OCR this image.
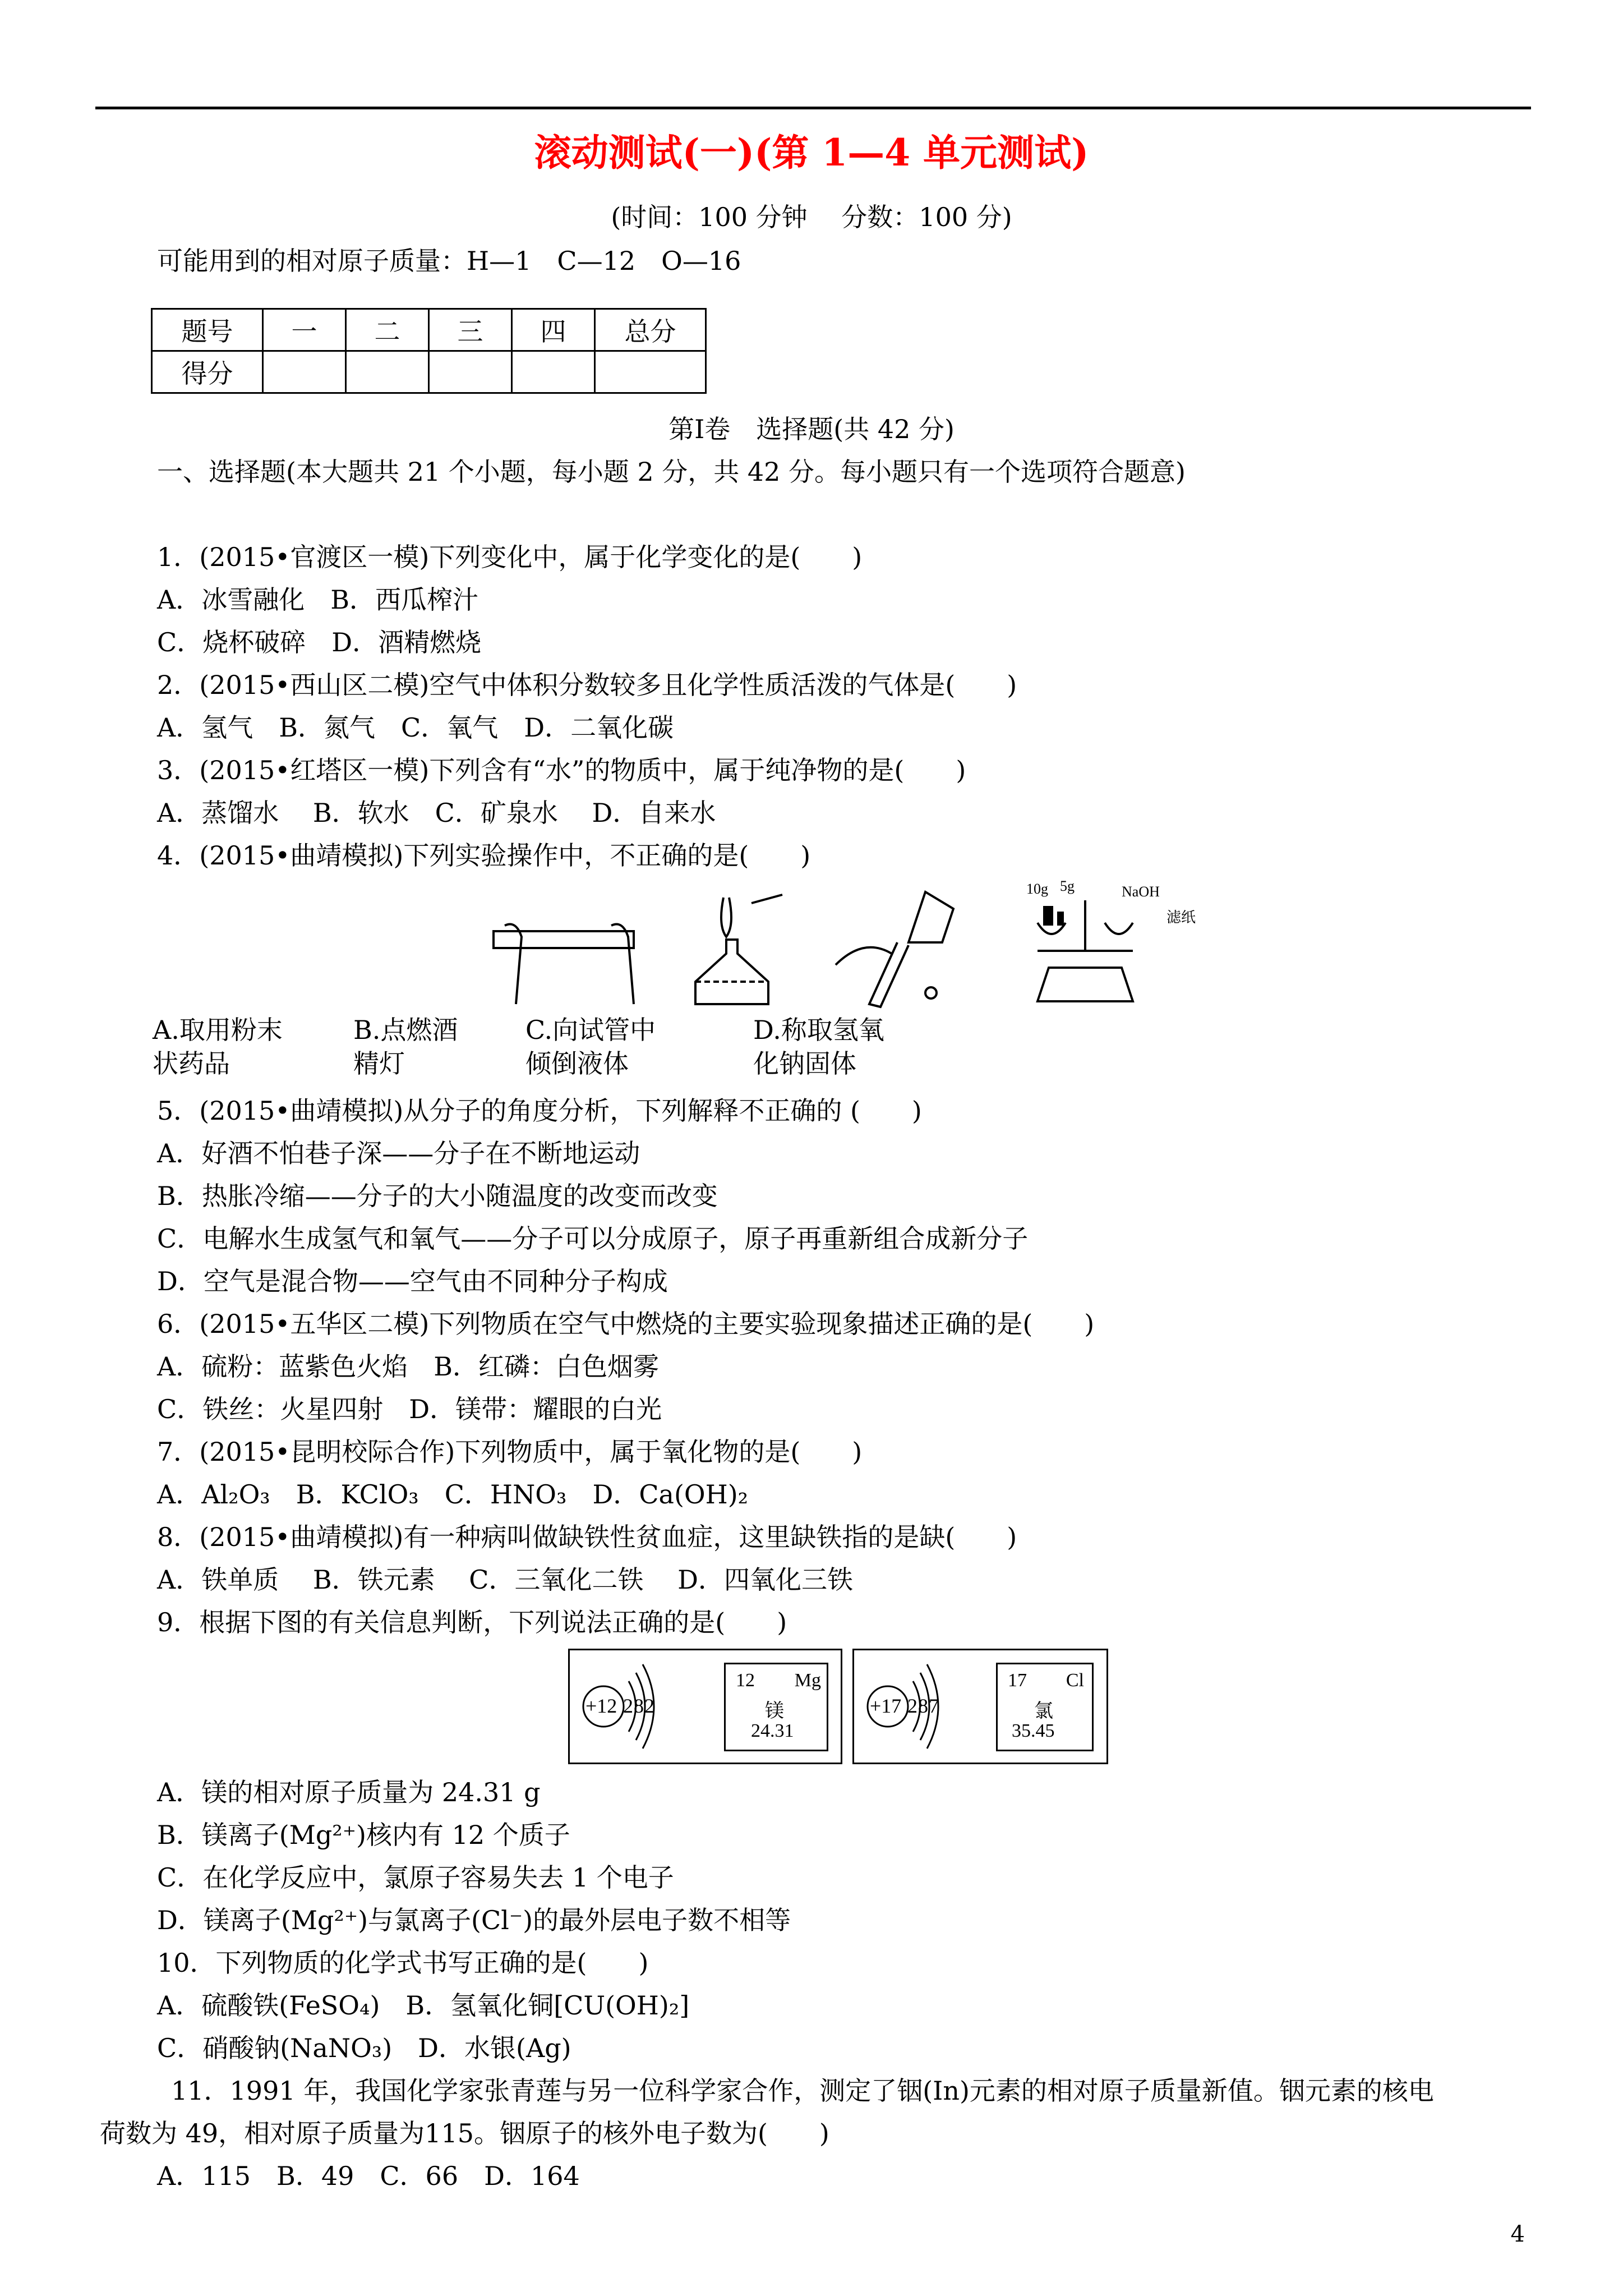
滚动测试(一)(第 1—4 单元测试)
(时间：100 分钟　 分数：100 分)
可能用到的相对原子质量：H—1　C—12　O—16
题号	一	二	三	四	总分
得分					
第Ⅰ卷　选择题(共 42 分)
一、选择题(本大题共 21 个小题，每小题 2 分，共 42 分。每小题只有一个选项符合题意)
1．(2015•官渡区一模)下列变化中，属于化学变化的是(　　)
A．冰雪融化　B．西瓜榨汁
C．烧杯破碎　D．酒精燃烧
2．(2015•西山区二模)空气中体积分数较多且化学性质活泼的气体是(　　)
A．氢气　B．氮气　C．氧气　D．二氧化碳
3．(2015•红塔区一模)下列含有“水”的物质中，属于纯净物的是(　　)
A．蒸馏水　 B．软水　C．矿泉水　 D．自来水
4．(2015•曲靖模拟)下列实验操作中，不正确的是(　　)
10g 5g	NaOH
滤纸
A.取用粉末
状药品
B.点燃酒
精灯
C.向试管中
倾倒液体
D.称取氢氧
化钠固体
5．(2015•曲靖模拟)从分子的角度分析，下列解释不正确的 (　　)
A．好酒不怕巷子深——分子在不断地运动
B．热胀冷缩——分子的大小随温度的改变而改变
C．电解水生成氢气和氧气——分子可以分成原子，原子再重新组合成新分子
D．空气是混合物——空气由不同种分子构成
6．(2015•五华区二模)下列物质在空气中燃烧的主要实验现象描述正确的是(　　)
A．硫粉：蓝紫色火焰　B．红磷：白色烟雾
C．铁丝：火星四射　D．镁带：耀眼的白光
7．(2015•昆明校际合作)下列物质中，属于氧化物的是(　　)
A．Al₂O₃　B．KClO₃　C．HNO₃　D．Ca(OH)₂
8．(2015•曲靖模拟)有一种病叫做缺铁性贫血症，这里缺铁指的是缺(　　)
A．铁单质　 B．铁元素　 C．三氧化二铁　 D．四氧化三铁
9．根据下图的有关信息判断，下列说法正确的是(　　)
+12 2 8 2
12 Mg
镁
24.31
+17 2 8 7
17 Cl
氯
35.45
A．镁的相对原子质量为 24.31 g
B．镁离子(Mg²⁺)核内有 12 个质子
C．在化学反应中，氯原子容易失去 1 个电子
D．镁离子(Mg²⁺)与氯离子(Cl⁻)的最外层电子数不相等
10．下列物质的化学式书写正确的是(　　)
A．硫酸铁(FeSO₄)　B．氢氧化铜[CU(OH)₂]
C．硝酸钠(NaNO₃)　D．水银(Ag)
11．1991 年，我国化学家张青莲与另一位科学家合作，测定了铟(In)元素的相对原子质量新值。铟元素的核电
荷数为 49，相对原子质量为115。铟原子的核外电子数为(　　)
A．115　B．49　C．66　D．164
4
